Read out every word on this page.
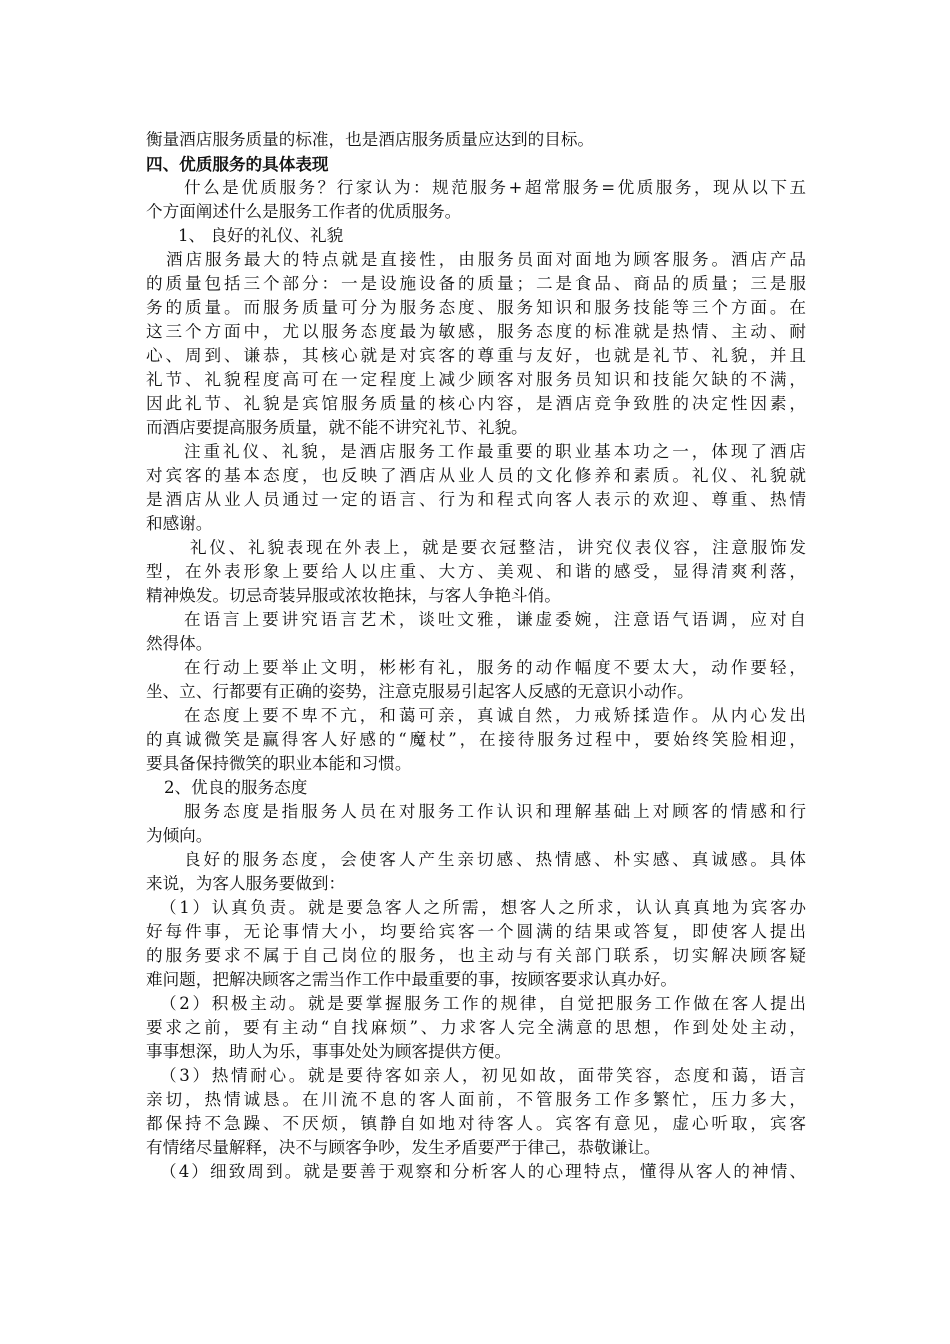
衡量酒店服务质量的标准，也是酒店服务质量应达到的目标。
四、优质服务的具体表现
什么是优质服务？行家认为：规范服务+超常服务=优质服务，现从以下五
个方面阐述什么是服务工作者的优质服务。
1、 良好的礼仪、礼貌
酒店服务最大的特点就是直接性，由服务员面对面地为顾客服务。酒店产品
的质量包括三个部分：一是设施设备的质量；二是食品、商品的质量；三是服
务的质量。而服务质量可分为服务态度、服务知识和服务技能等三个方面。在
这三个方面中，尤以服务态度最为敏感，服务态度的标准就是热情、主动、耐
心、周到、谦恭，其核心就是对宾客的尊重与友好，也就是礼节、礼貌，并且
礼节、礼貌程度高可在一定程度上减少顾客对服务员知识和技能欠缺的不满，
因此礼节、礼貌是宾馆服务质量的核心内容，是酒店竞争致胜的决定性因素，
而酒店要提高服务质量，就不能不讲究礼节、礼貌。
注重礼仪、礼貌，是酒店服务工作最重要的职业基本功之一，体现了酒店
对宾客的基本态度，也反映了酒店从业人员的文化修养和素质。礼仪、礼貌就
是酒店从业人员通过一定的语言、行为和程式向客人表示的欢迎、尊重、热情
和感谢。
礼仪、礼貌表现在外表上，就是要衣冠整洁，讲究仪表仪容，注意服饰发
型，在外表形象上要给人以庄重、大方、美观、和谐的感受，显得清爽利落，
精神焕发。切忌奇装异服或浓妆艳抹，与客人争艳斗俏。
在语言上要讲究语言艺术，谈吐文雅，谦虚委婉，注意语气语调，应对自
然得体。
在行动上要举止文明，彬彬有礼，服务的动作幅度不要太大，动作要轻，
坐、立、行都要有正确的姿势，注意克服易引起客人反感的无意识小动作。
在态度上要不卑不亢，和蔼可亲，真诚自然，力戒矫揉造作。从内心发出
的真诚微笑是赢得客人好感的“魔杖”，在接待服务过程中，要始终笑脸相迎，
要具备保持微笑的职业本能和习惯。
2、优良的服务态度
服务态度是指服务人员在对服务工作认识和理解基础上对顾客的情感和行
为倾向。
良好的服务态度，会使客人产生亲切感、热情感、朴实感、真诚感。具体
来说，为客人服务要做到：
（1）认真负责。就是要急客人之所需，想客人之所求，认认真真地为宾客办
好每件事，无论事情大小，均要给宾客一个圆满的结果或答复，即使客人提出
的服务要求不属于自己岗位的服务，也主动与有关部门联系，切实解决顾客疑
难问题，把解决顾客之需当作工作中最重要的事，按顾客要求认真办好。
（2）积极主动。就是要掌握服务工作的规律，自觉把服务工作做在客人提出
要求之前，要有主动“自找麻烦”、力求客人完全满意的思想，作到处处主动，
事事想深，助人为乐，事事处处为顾客提供方便。
（3）热情耐心。就是要待客如亲人，初见如故，面带笑容，态度和蔼，语言
亲切，热情诚恳。在川流不息的客人面前，不管服务工作多繁忙，压力多大，
都保持不急躁、不厌烦，镇静自如地对待客人。宾客有意见，虚心听取，宾客
有情绪尽量解释，决不与顾客争吵，发生矛盾要严于律己，恭敬谦让。
（4）细致周到。就是要善于观察和分析客人的心理特点，懂得从客人的神情、
